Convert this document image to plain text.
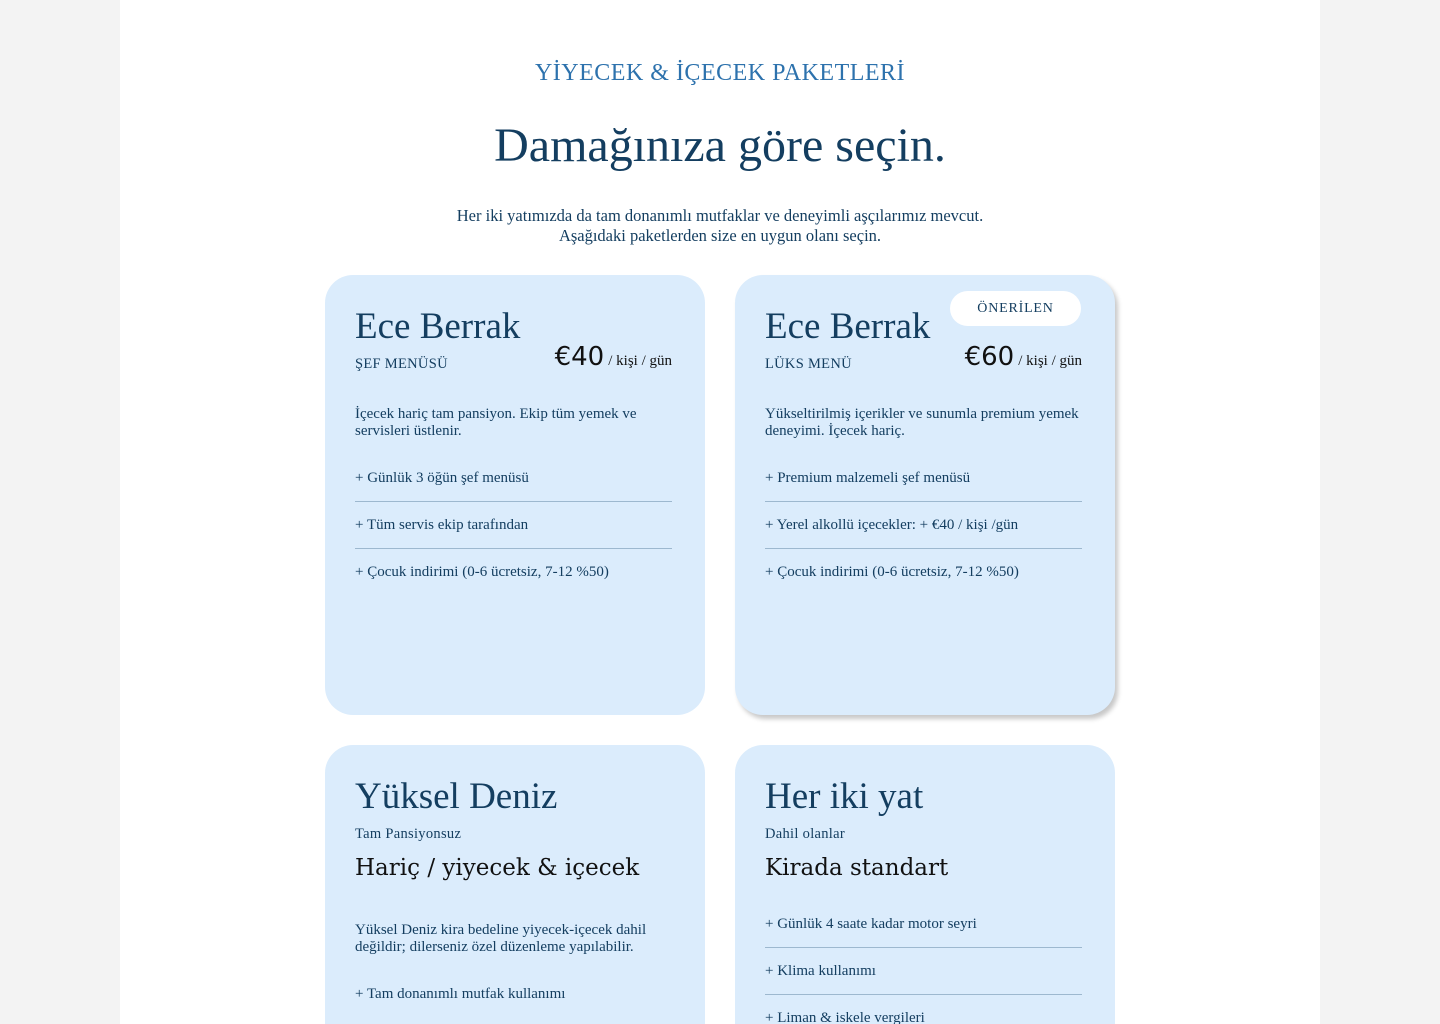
YİYECEK & İÇECEK PAKETLERİ
Damağınıza göre seçin.
Her iki yatımızda da tam donanımlı mutfaklar ve deneyimli aşçılarımız mevcut.
Aşağıdaki paketlerden size en uygun olanı seçin.
Ece Berrak
ŞEF MENÜSÜ	€40 / kişi / gün
İçecek hariç tam pansiyon. Ekip tüm yemek ve servisleri üstlenir.
+ Günlük 3 öğün şef menüsü
+ Tüm servis ekip tarafından
+ Çocuk indirimi (0-6 ücretsiz, 7-12 %50)
ÖNERİLEN
Ece Berrak
LÜKS MENÜ	€60 / kişi / gün
Yükseltirilmiş içerikler ve sunumla premium yemek deneyimi. İçecek hariç.
+ Premium malzemeli şef menüsü
+ Yerel alkollü içecekler: + €40 / kişi /gün
+ Çocuk indirimi (0-6 ücretsiz, 7-12 %50)
Yüksel Deniz
Tam Pansiyonsuz
Hariç / yiyecek & içecek
Yüksel Deniz kira bedeline yiyecek-içecek dahil değildir; dilerseniz özel düzenleme yapılabilir.
+ Tam donanımlı mutfak kullanımı
Her iki yat
Dahil olanlar
Kirada standart
+ Günlük 4 saate kadar motor seyri
+ Klima kullanımı
+ Liman & iskele vergileri
